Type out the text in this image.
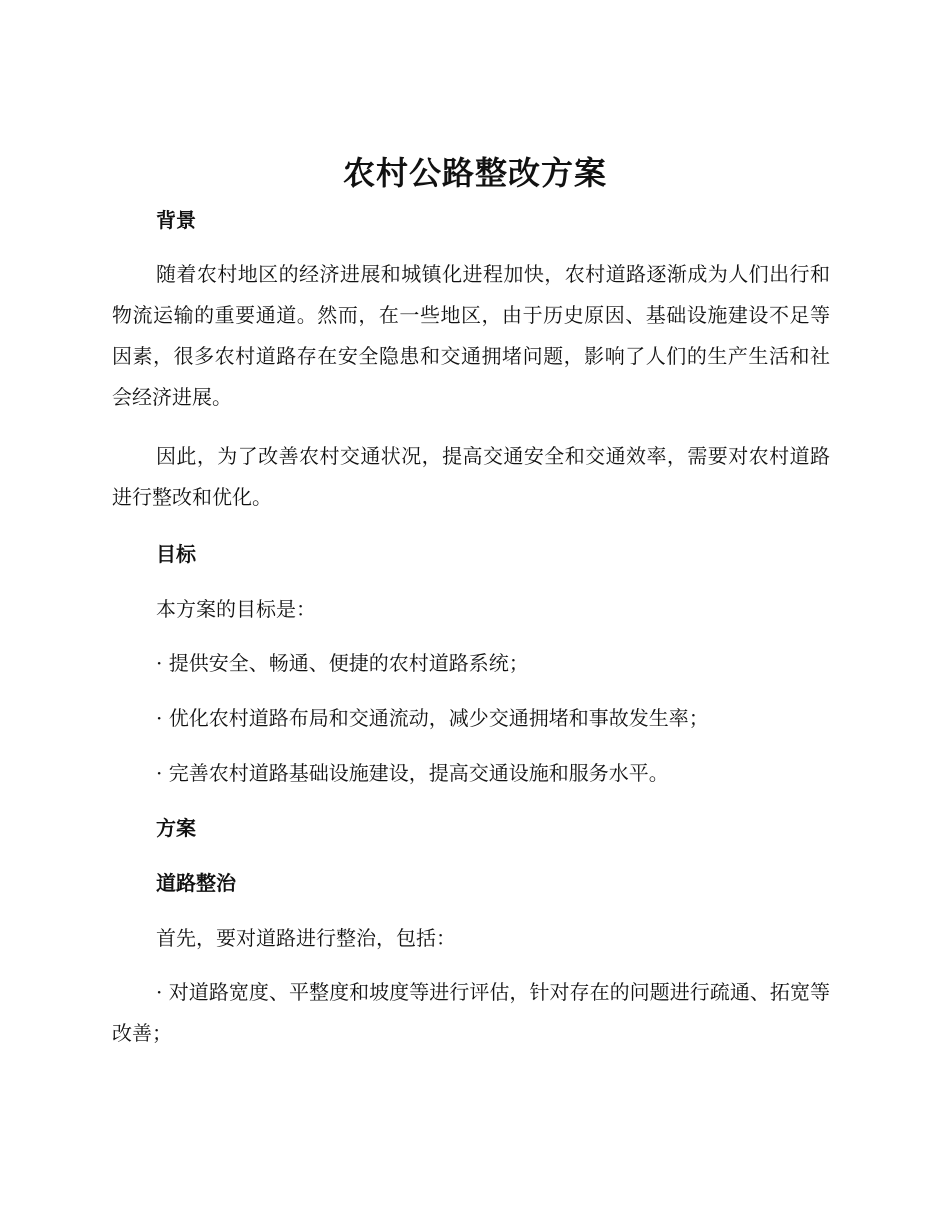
农村公路整改方案
背景
随着农村地区的经济进展和城镇化进程加快，农村道路逐渐成为人们出行和物流运输的重要通道。然而，在一些地区，由于历史原因、基础设施建设不足等因素，很多农村道路存在安全隐患和交通拥堵问题，影响了人们的生产生活和社会经济进展。
因此，为了改善农村交通状况，提高交通安全和交通效率，需要对农村道路进行整改和优化。
目标
本方案的目标是：
· 提供安全、畅通、便捷的农村道路系统；
· 优化农村道路布局和交通流动，减少交通拥堵和事故发生率；
· 完善农村道路基础设施建设，提高交通设施和服务水平。
方案
道路整治
首先，要对道路进行整治，包括：
· 对道路宽度、平整度和坡度等进行评估，针对存在的问题进行疏通、拓宽等改善；
